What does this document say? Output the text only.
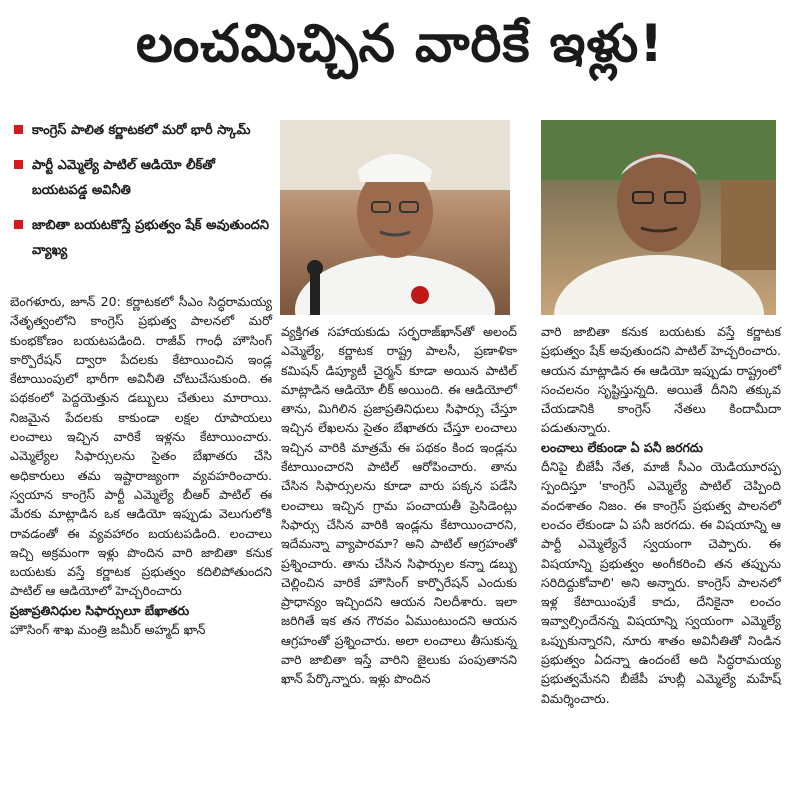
లంచమిచ్చిన వారికే ఇళ్లు!
కాంగ్రెస్ పాలిత కర్ణాటకలో మరో భారీ స్కామ్
పార్టీ ఎమ్మెల్యే పాటిల్ ఆడియో లీక్‌తో బయటపడ్డ అవినీతి
జాబితా బయటకొస్తే ప్రభుత్వం షేక్ అవుతుందని వ్యాఖ్య

బెంగళూరు, జూన్ 20: కర్ణాటకలో సీఎం సిద్ధరామయ్య నేతృత్వంలోని కాంగ్రెస్ ప్రభుత్వ పాలనలో మరో కుంభకోణం బయటపడింది. రాజీవ్ గాంధీ హౌసింగ్ కార్పొరేషన్ ద్వారా పేదలకు కేటాయించిన ఇండ్ల కేటాయింపులో భారీగా అవినీతి చోటుచేసుకుంది. ఈ పథకంలో పెద్దయెత్తున డబ్బులు చేతులు మారాయి. నిజమైన పేదలకు కాకుండా లక్షల రూపాయలు లంచాలు ఇచ్చిన వారికే ఇళ్లను కేటాయించారు. ఎమ్మెల్యేల సిఫార్సులను సైతం బేఖాతరు చేసి అధికారులు తమ ఇష్టారాజ్యంగా వ్యవహరించారు. స్వయాన కాంగ్రెస్ పార్టీ ఎమ్మెల్యే బీఆర్ పాటిల్ ఈ మేరకు మాట్లాడిన ఒక ఆడియో ఇప్పుడు వెలుగులోకి రావడంతో ఈ వ్యవహారం బయటపడింది. లంచాలు ఇచ్చి అక్రమంగా ఇళ్లు పొందిన వారి జాబితా కనుక బయటకు వస్తే కర్ణాటక ప్రభుత్వం కదిలిపోతుందని పాటిల్ ఆ ఆడియోలో హెచ్చరించారు

ప్రజాప్రతినిధుల సిఫార్సులూ బేఖాతరు

హౌసింగ్ శాఖ మంత్రి జమీర్ అహ్మద్ ఖాన్

వ్యక్తిగత సహాయకుడు సర్ఫరాజ్‌ఖాన్‌తో అలంద్ ఎమ్మెల్యే, కర్ణాటక రాష్ట్ర పాలసీ, ప్రణాళికా కమిషన్ డిప్యూటీ చైర్మన్ కూడా అయిన పాటిల్ మాట్లాడిన ఆడియో లీక్ అయింది. ఈ ఆడియోలో తాను, మిగిలిన ప్రజాప్రతినిధులు సిఫార్సు చేస్తూ ఇచ్చిన లేఖలను సైతం బేఖాతరు చేస్తూ లంచాలు ఇచ్చిన వారికి మాత్రమే ఈ పథకం కింద ఇండ్లను కేటాయించారని పాటిల్ ఆరోపించారు. తాను చేసిన సిఫార్సులను కూడా వారు పక్కన పడేసి లంచాలు ఇచ్చిన గ్రామ పంచాయతీ ప్రెసిడెంట్లు సిఫార్సు చేసిన వారికి ఇండ్లను కేటాయించారని, ఇదేమన్నా వ్యాపారమా? అని పాటిల్ ఆగ్రహంతో ప్రశ్నించారు. తాను చేసిన సిఫార్సుల కన్నా డబ్బు చెల్లించిన వారికే హౌసింగ్ కార్పొరేషన్ ఎందుకు ప్రాధాన్యం ఇచ్చిందని ఆయన నిలదీశారు. ఇలా జరిగితే ఇక తన గౌరవం ఏముంటుందని ఆయన ఆగ్రహంతో ప్రశ్నించారు. అలా లంచాలు తీసుకున్న వారి జాబితా ఇస్తే వారిని జైలుకు పంపుతానని ఖాన్ పేర్కొన్నారు. ఇళ్లు పొందిన

వారి జాబితా కనుక బయటకు వస్తే కర్ణాటక ప్రభుత్వం షేక్ అవుతుందని పాటిల్ హెచ్చరించారు. ఆయన మాట్లాడిన ఈ ఆడియో ఇప్పుడు రాష్ట్రంలో సంచలనం సృష్టిస్తున్నది. అయితే దీనిని తక్కువ చేయడానికి కాంగ్రెస్ నేతలు కిందామీదా పడుతున్నారు.

లంచాలు లేకుండా ఏ పనీ జరగదు

దీనిపై బీజేపీ నేత, మాజీ సీఎం యెడియూరప్ప స్పందిస్తూ 'కాంగ్రెస్ ఎమ్మెల్యే పాటిల్ చెప్పింది వందశాతం నిజం. ఈ కాంగ్రెస్ ప్రభుత్వ పాలనలో లంచం లేకుండా ఏ పనీ జరగదు. ఈ విషయాన్ని ఆ పార్టీ ఎమ్మెల్యేనే స్వయంగా చెప్పారు. ఈ విషయాన్ని ప్రభుత్వం అంగీకరించి తన తప్పును సరిదిద్దుకోవాలి' అని అన్నారు. కాంగ్రెస్ పాలనలో ఇళ్ల కేటాయింపుకే కాదు, దేనికైనా లంచం ఇవ్వాల్సిందేనన్న విషయాన్ని స్వయంగా ఎమ్మెల్యే ఒప్పుకున్నారని, నూరు శాతం అవినీతితో నిండిన ప్రభుత్వం ఏదన్నా ఉందంటే అది సిద్ధరామయ్య ప్రభుత్వమేనని బీజేపీ హుబ్లీ ఎమ్మెల్యే మహేష్ విమర్శించారు.
